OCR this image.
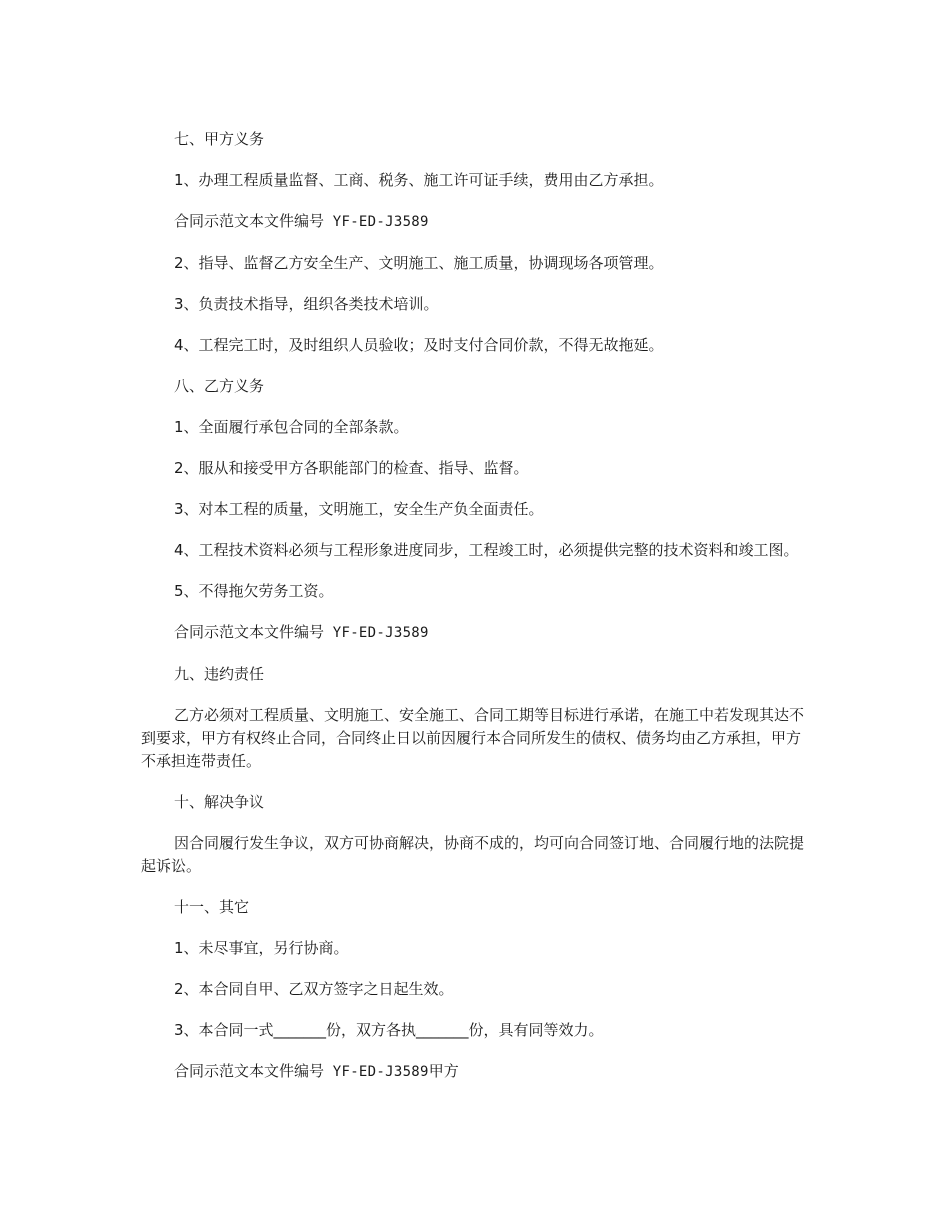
七、甲方义务

1、办理工程质量监督、工商、税务、施工许可证手续，费用由乙方承担。

合同示范文本文件编号 YF-ED-J3589

2、指导、监督乙方安全生产、文明施工、施工质量，协调现场各项管理。

3、负责技术指导，组织各类技术培训。

4、工程完工时，及时组织人员验收；及时支付合同价款，不得无故拖延。

八、乙方义务

1、全面履行承包合同的全部条款。

2、服从和接受甲方各职能部门的检查、指导、监督。

3、对本工程的质量，文明施工，安全生产负全面责任。

4、工程技术资料必须与工程形象进度同步，工程竣工时，必须提供完整的技术资料和竣工图。

5、不得拖欠劳务工资。

合同示范文本文件编号 YF-ED-J3589

九、违约责任

乙方必须对工程质量、文明施工、安全施工、合同工期等目标进行承诺，在施工中若发现其达不到要求，甲方有权终止合同，合同终止日以前因履行本合同所发生的债权、债务均由乙方承担，甲方不承担连带责任。

十、解决争议

因合同履行发生争议，双方可协商解决，协商不成的，均可向合同签订地、合同履行地的法院提起诉讼。

十一、其它

1、未尽事宜，另行协商。

2、本合同自甲、乙双方签字之日起生效。

3、本合同一式_______份，双方各执_______份，具有同等效力。

合同示范文本文件编号 YF-ED-J3589甲方
